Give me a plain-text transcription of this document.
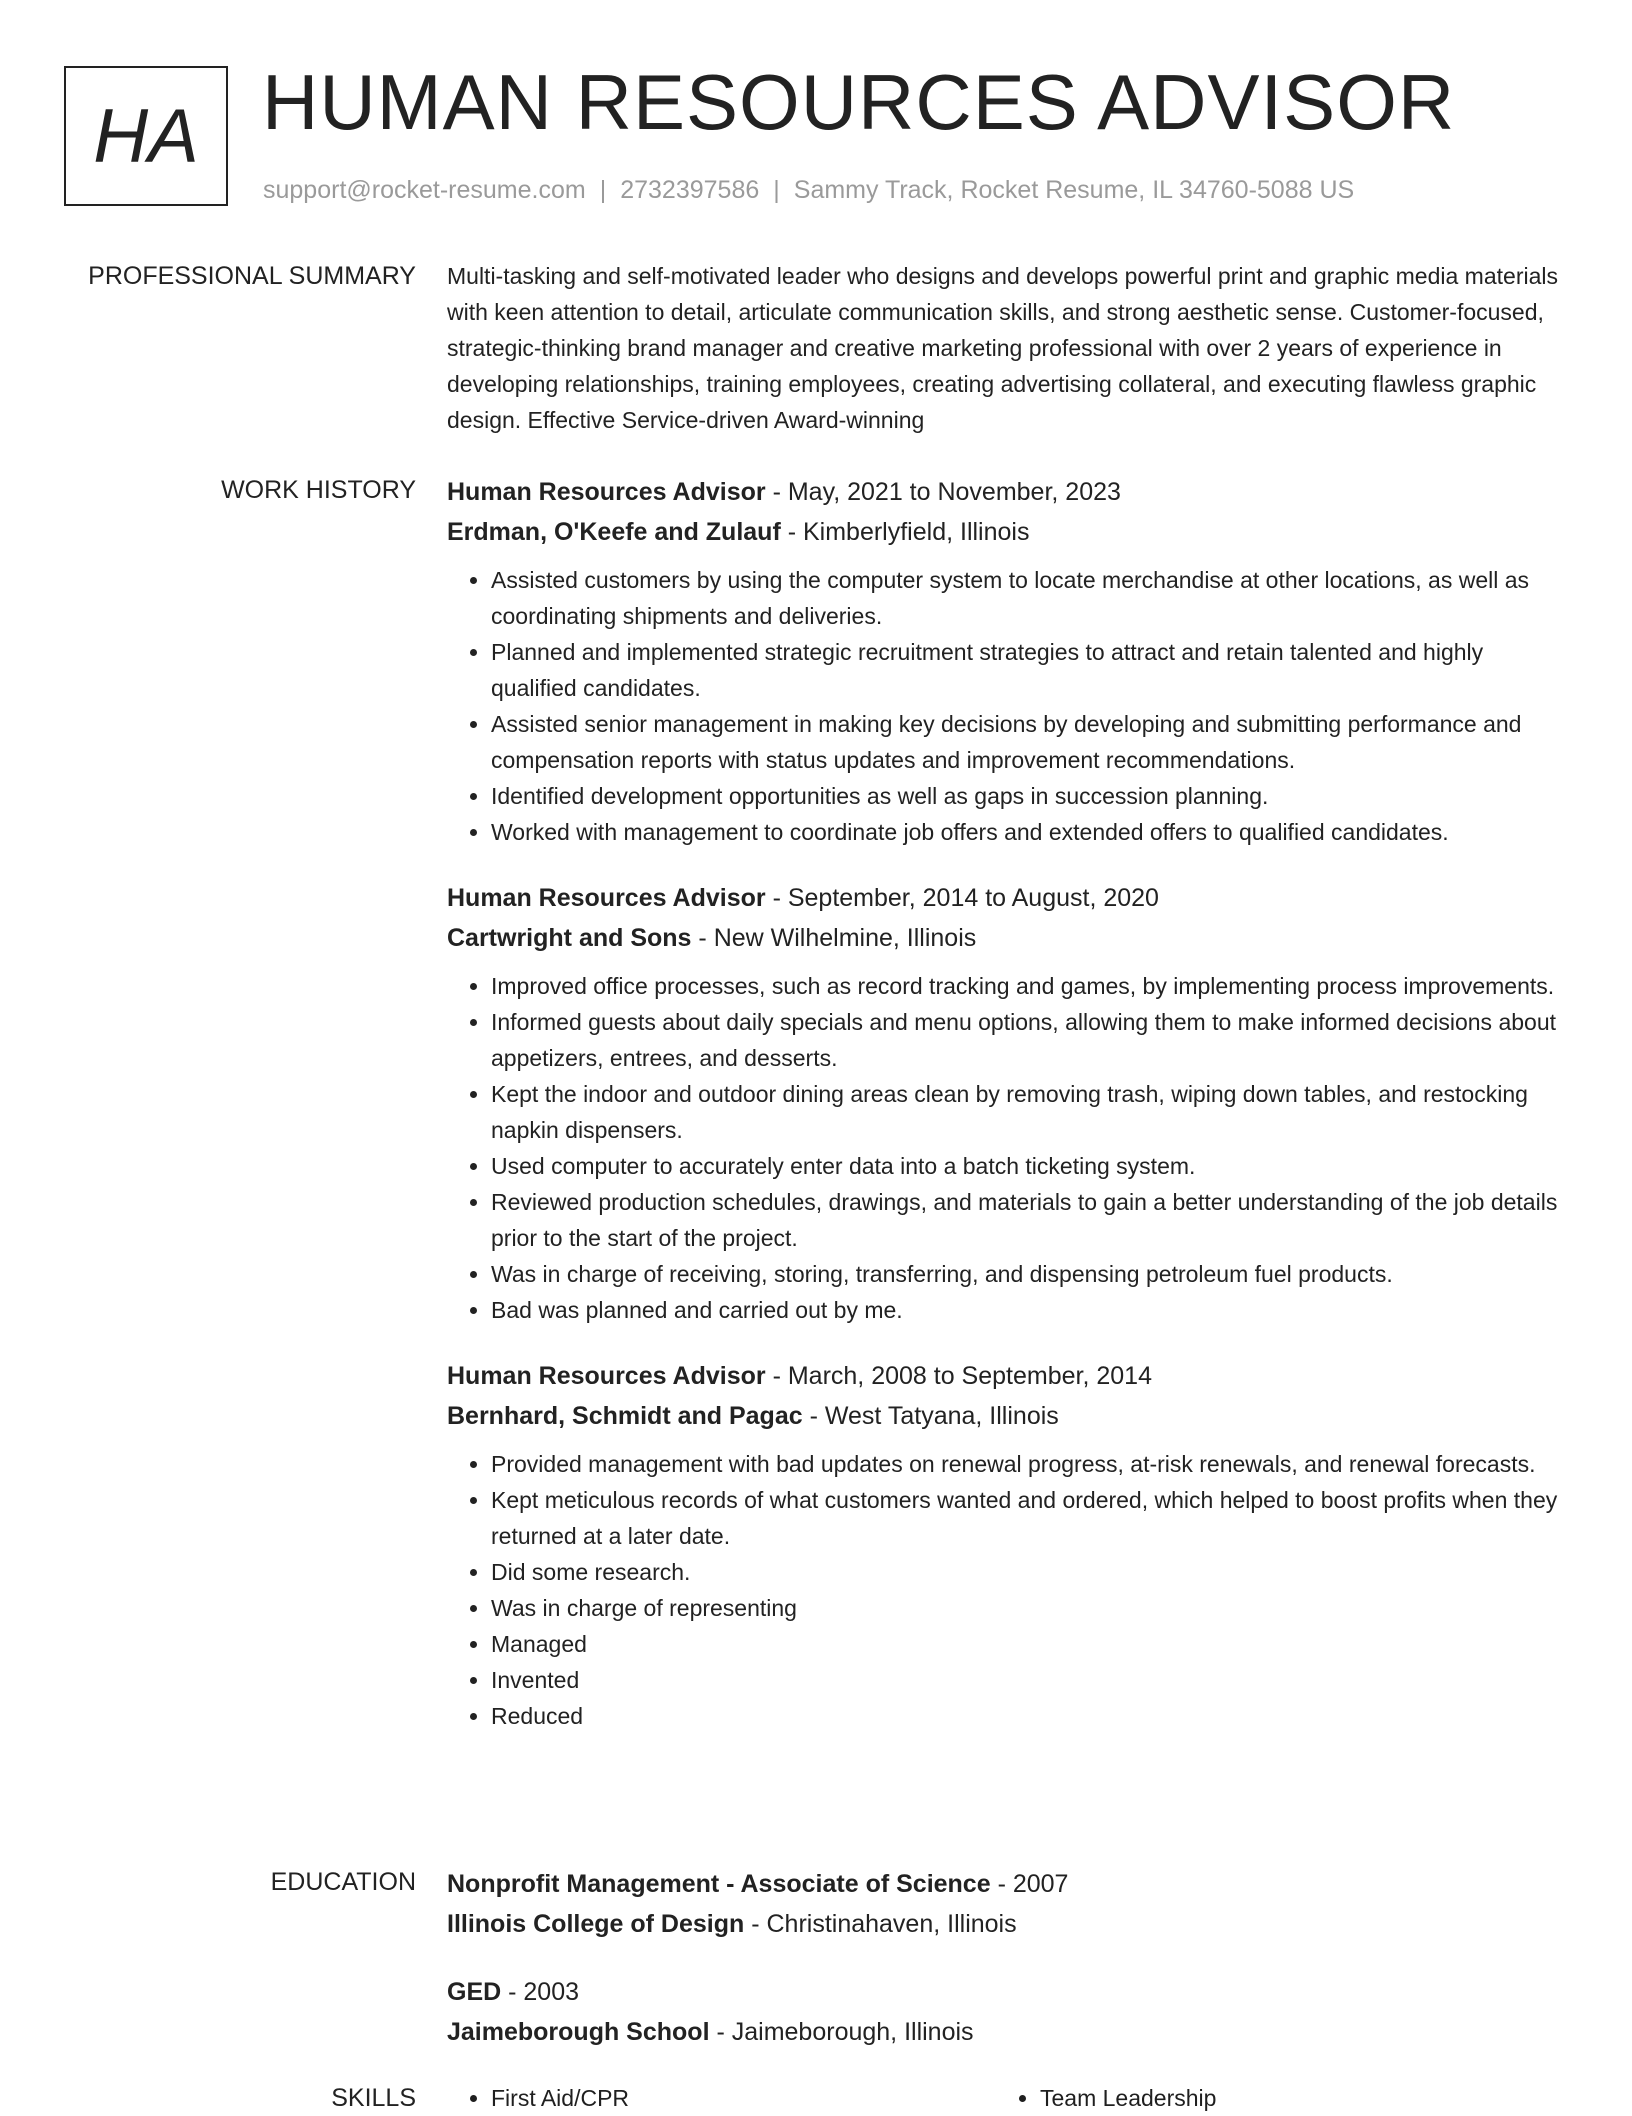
HA HUMAN RESOURCES ADVISOR
support@rocket-resume.com | 2732397586 | Sammy Track, Rocket Resume, IL 34760-5088 US
PROFESSIONAL SUMMARY Multi-tasking and self-motivated leader who designs and develops powerful print and graphic media materials with keen attention to detail, articulate communication skills, and strong aesthetic sense. Customer-focused, strategic-thinking brand manager and creative marketing professional with over 2 years of experience in developing relationships, training employees, creating advertising collateral, and executing flawless graphic design. Effective Service-driven Award-winning

WORK HISTORY Human Resources Advisor - May, 2021 to November, 2023
Erdman, O'Keefe and Zulauf - Kimberlyfield, Illinois
• Assisted customers by using the computer system to locate merchandise at other locations, as well as coordinating shipments and deliveries.
• Planned and implemented strategic recruitment strategies to attract and retain talented and highly qualified candidates.
• Assisted senior management in making key decisions by developing and submitting performance and compensation reports with status updates and improvement recommendations.
• Identified development opportunities as well as gaps in succession planning.
• Worked with management to coordinate job offers and extended offers to qualified candidates.
Human Resources Advisor - September, 2014 to August, 2020
Cartwright and Sons - New Wilhelmine, Illinois
• Improved office processes, such as record tracking and games, by implementing process improvements.
• Informed guests about daily specials and menu options, allowing them to make informed decisions about appetizers, entrees, and desserts.
• Kept the indoor and outdoor dining areas clean by removing trash, wiping down tables, and restocking napkin dispensers.
• Used computer to accurately enter data into a batch ticketing system.
• Reviewed production schedules, drawings, and materials to gain a better understanding of the job details prior to the start of the project.
• Was in charge of receiving, storing, transferring, and dispensing petroleum fuel products.
• Bad was planned and carried out by me.
Human Resources Advisor - March, 2008 to September, 2014
Bernhard, Schmidt and Pagac - West Tatyana, Illinois
• Provided management with bad updates on renewal progress, at-risk renewals, and renewal forecasts.
• Kept meticulous records of what customers wanted and ordered, which helped to boost profits when they returned at a later date.
• Did some research.
• Was in charge of representing
• Managed
• Invented
• Reduced
EDUCATION Nonprofit Management - Associate of Science - 2007
Illinois College of Design - Christinahaven, Illinois
GED - 2003
Jaimeborough School - Jaimeborough, Illinois
SKILLS	• First Aid/CPR	• Team Leadership
